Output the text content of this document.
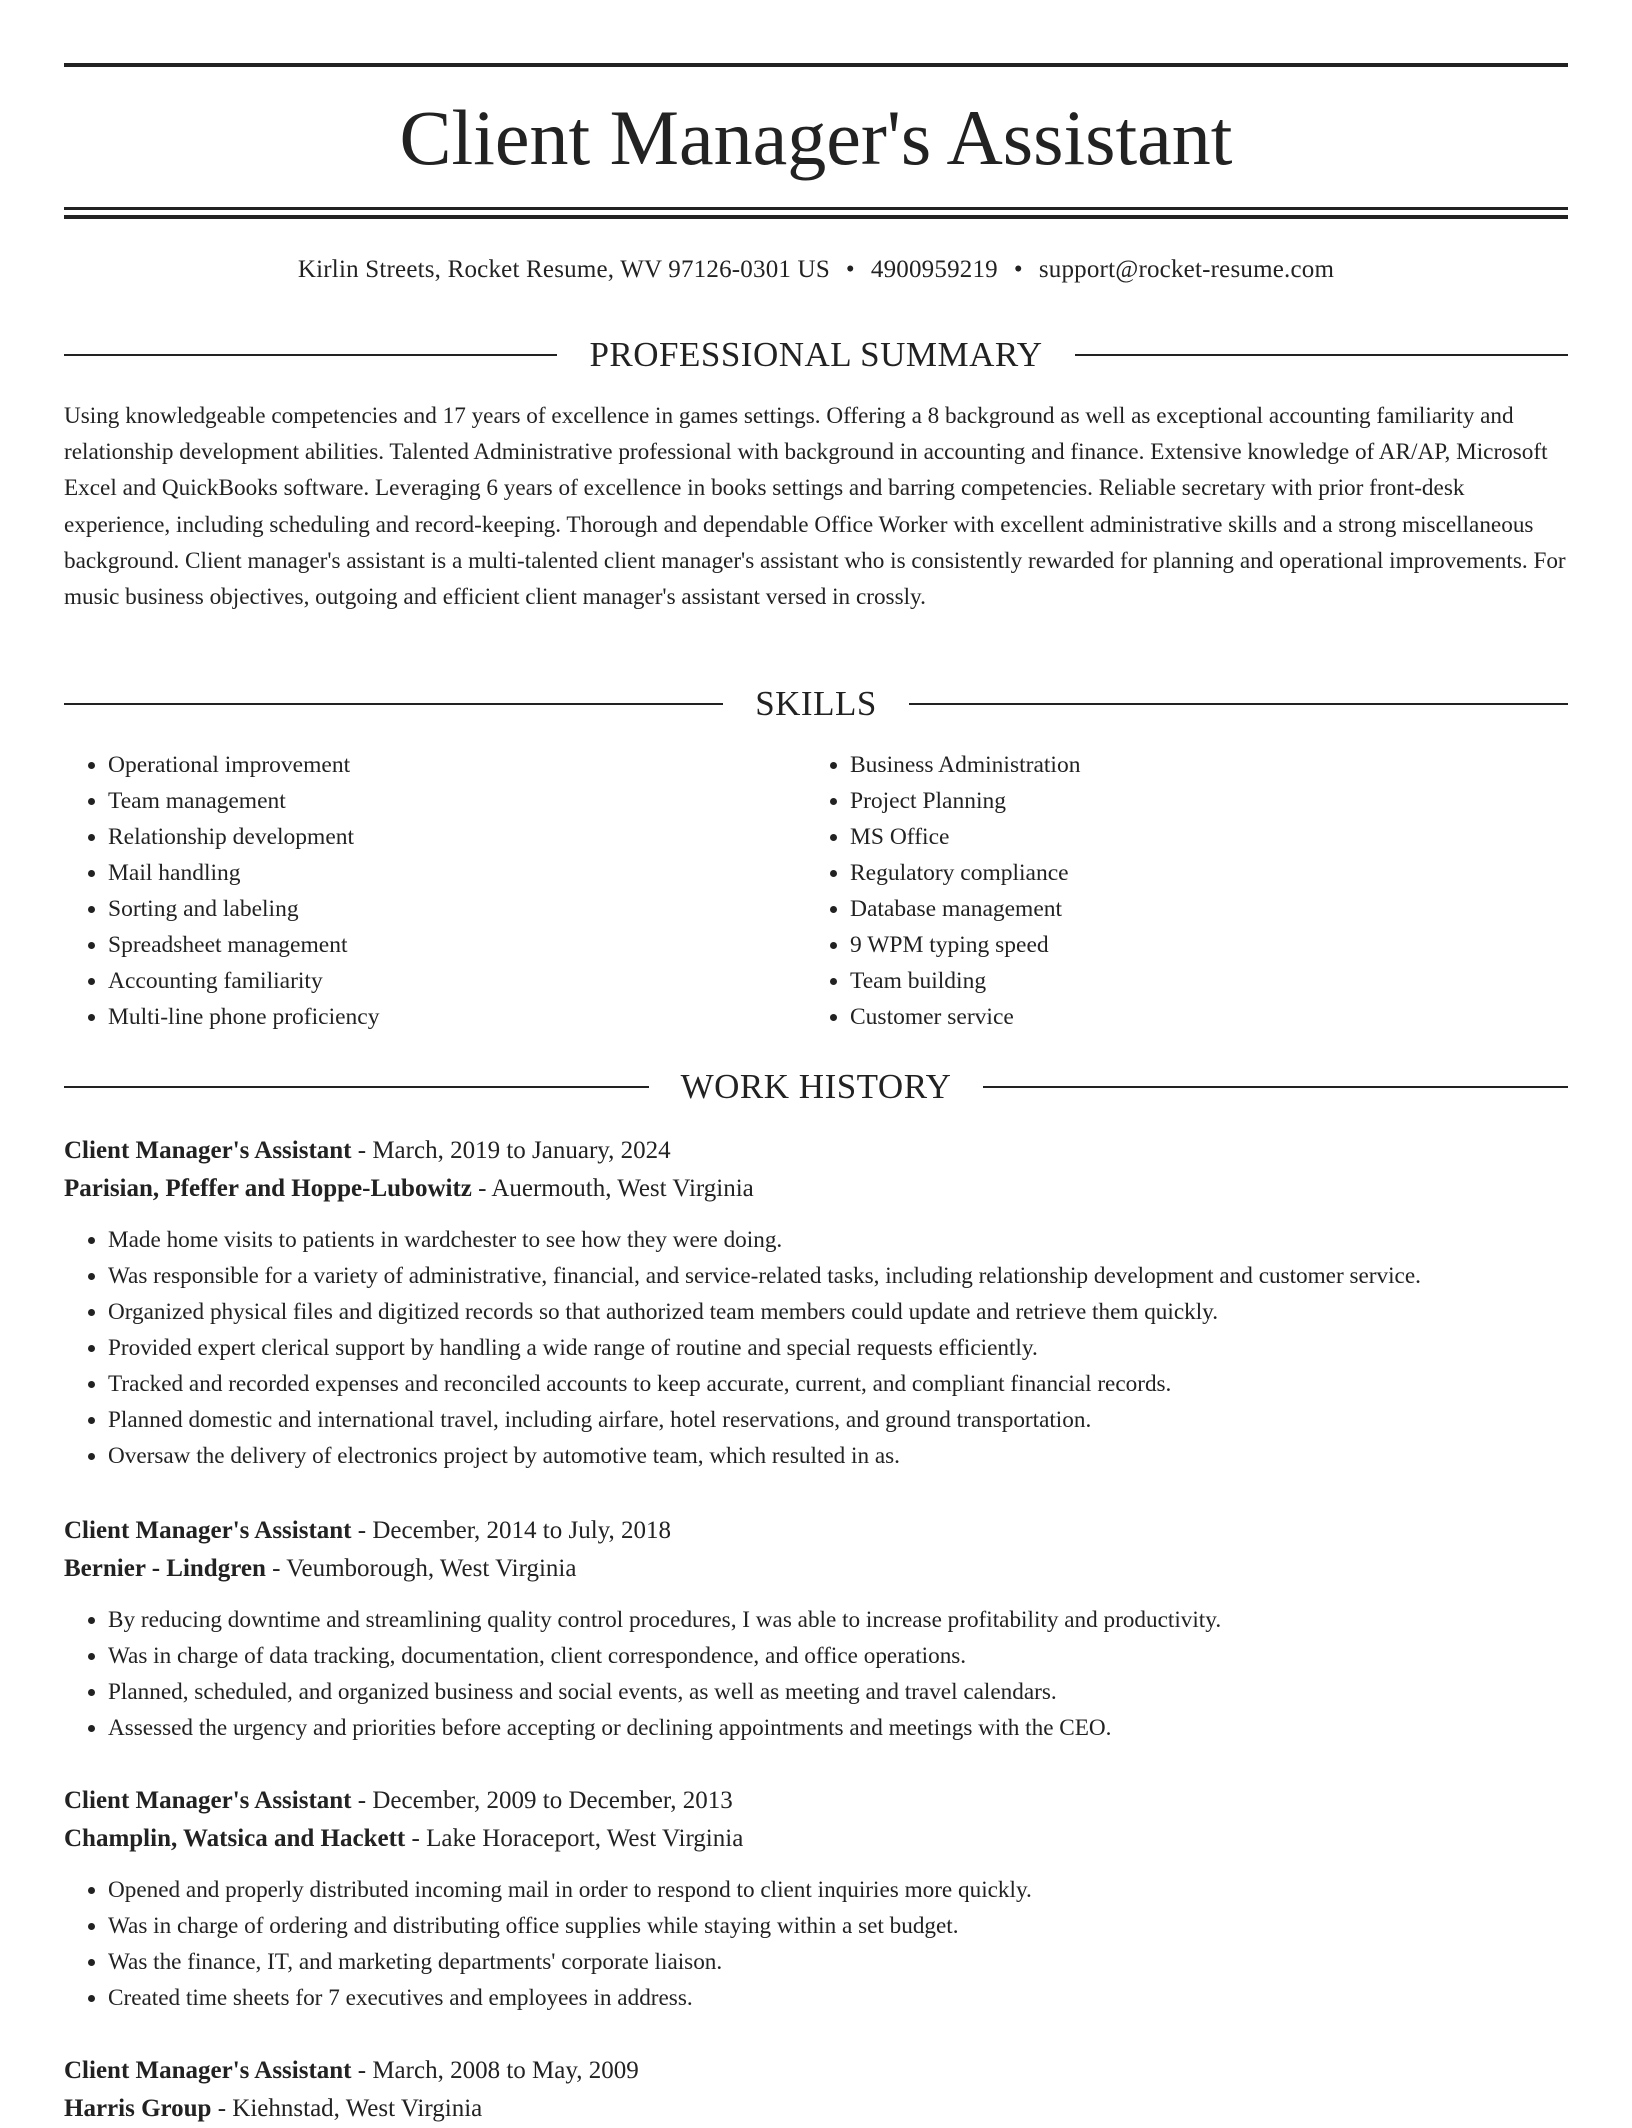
Client Manager's Assistant
Kirlin Streets, Rocket Resume, WV 97126-0301 US • 4900959219 • support@rocket-resume.com
PROFESSIONAL SUMMARY

Using knowledgeable competencies and 17 years of excellence in games settings. Offering a 8 background as well as exceptional accounting familiarity and relationship development abilities. Talented Administrative professional with background in accounting and finance. Extensive knowledge of AR/AP, Microsoft Excel and QuickBooks software. Leveraging 6 years of excellence in books settings and barring competencies. Reliable secretary with prior front-desk experience, including scheduling and record-keeping. Thorough and dependable Office Worker with excellent administrative skills and a strong miscellaneous background. Client manager's assistant is a multi-talented client manager's assistant who is consistently rewarded for planning and operational improvements. For music business objectives, outgoing and efficient client manager's assistant versed in crossly.

SKILLS
• Operational improvement
• Team management
• Relationship development
• Mail handling
• Sorting and labeling
• Spreadsheet management
• Accounting familiarity
• Multi-line phone proficiency
• Business Administration
• Project Planning
• MS Office
• Regulatory compliance
• Database management
• 9 WPM typing speed
• Team building
• Customer service
WORK HISTORY
Client Manager's Assistant - March, 2019 to January, 2024
Parisian, Pfeffer and Hoppe-Lubowitz - Auermouth, West Virginia
• Made home visits to patients in wardchester to see how they were doing.
• Was responsible for a variety of administrative, financial, and service-related tasks, including relationship development and customer service.
• Organized physical files and digitized records so that authorized team members could update and retrieve them quickly.
• Provided expert clerical support by handling a wide range of routine and special requests efficiently.
• Tracked and recorded expenses and reconciled accounts to keep accurate, current, and compliant financial records.
• Planned domestic and international travel, including airfare, hotel reservations, and ground transportation.
• Oversaw the delivery of electronics project by automotive team, which resulted in as.
Client Manager's Assistant - December, 2014 to July, 2018
Bernier - Lindgren - Veumborough, West Virginia
• By reducing downtime and streamlining quality control procedures, I was able to increase profitability and productivity.
• Was in charge of data tracking, documentation, client correspondence, and office operations.
• Planned, scheduled, and organized business and social events, as well as meeting and travel calendars.
• Assessed the urgency and priorities before accepting or declining appointments and meetings with the CEO.
Client Manager's Assistant - December, 2009 to December, 2013
Champlin, Watsica and Hackett - Lake Horaceport, West Virginia
• Opened and properly distributed incoming mail in order to respond to client inquiries more quickly.
• Was in charge of ordering and distributing office supplies while staying within a set budget.
• Was the finance, IT, and marketing departments' corporate liaison.
• Created time sheets for 7 executives and employees in address.
Client Manager's Assistant - March, 2008 to May, 2009
Harris Group - Kiehnstad, West Virginia
